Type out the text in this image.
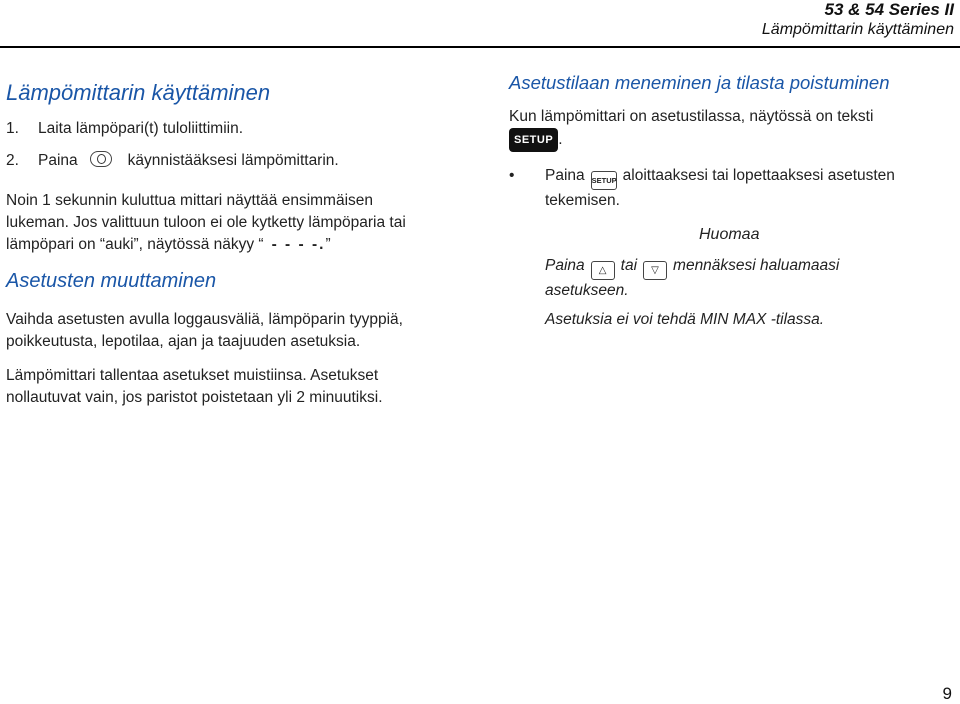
53 & 54 Series II
Lämpömittarin käyttäminen
Lämpömittarin käyttäminen
1. Laita lämpöpari(t) tuloliittimiin.
2. Paina	käynnistääksesi lämpömittarin.
Noin 1 sekunnin kuluttua mittari näyttää ensimmäisen
lukeman. Jos valittuun tuloon ei ole kytketty lämpöparia tai
lämpöpari on “auki”, näytössä näkyy “ - - - -.”
Asetusten muuttaminen
Vaihda asetusten avulla loggausväliä, lämpöparin tyyppiä,
poikkeutusta, lepotilaa, ajan ja taajuuden asetuksia.
Lämpömittari tallentaa asetukset muistiinsa. Asetukset
nollautuvat vain, jos paristot poistetaan yli 2 minuutiksi.
Asetustilaan meneminen ja tilasta poistuminen
Kun lämpömittari on asetustilassa, näytössä on teksti
SETUP .
• Paina SETUP aloittaaksesi tai lopettaaksesi asetusten
tekemisen.
Huomaa
Paina △ tai ▽ mennäksesi haluamaasi
asetukseen.
Asetuksia ei voi tehdä MIN MAX -tilassa.
9
